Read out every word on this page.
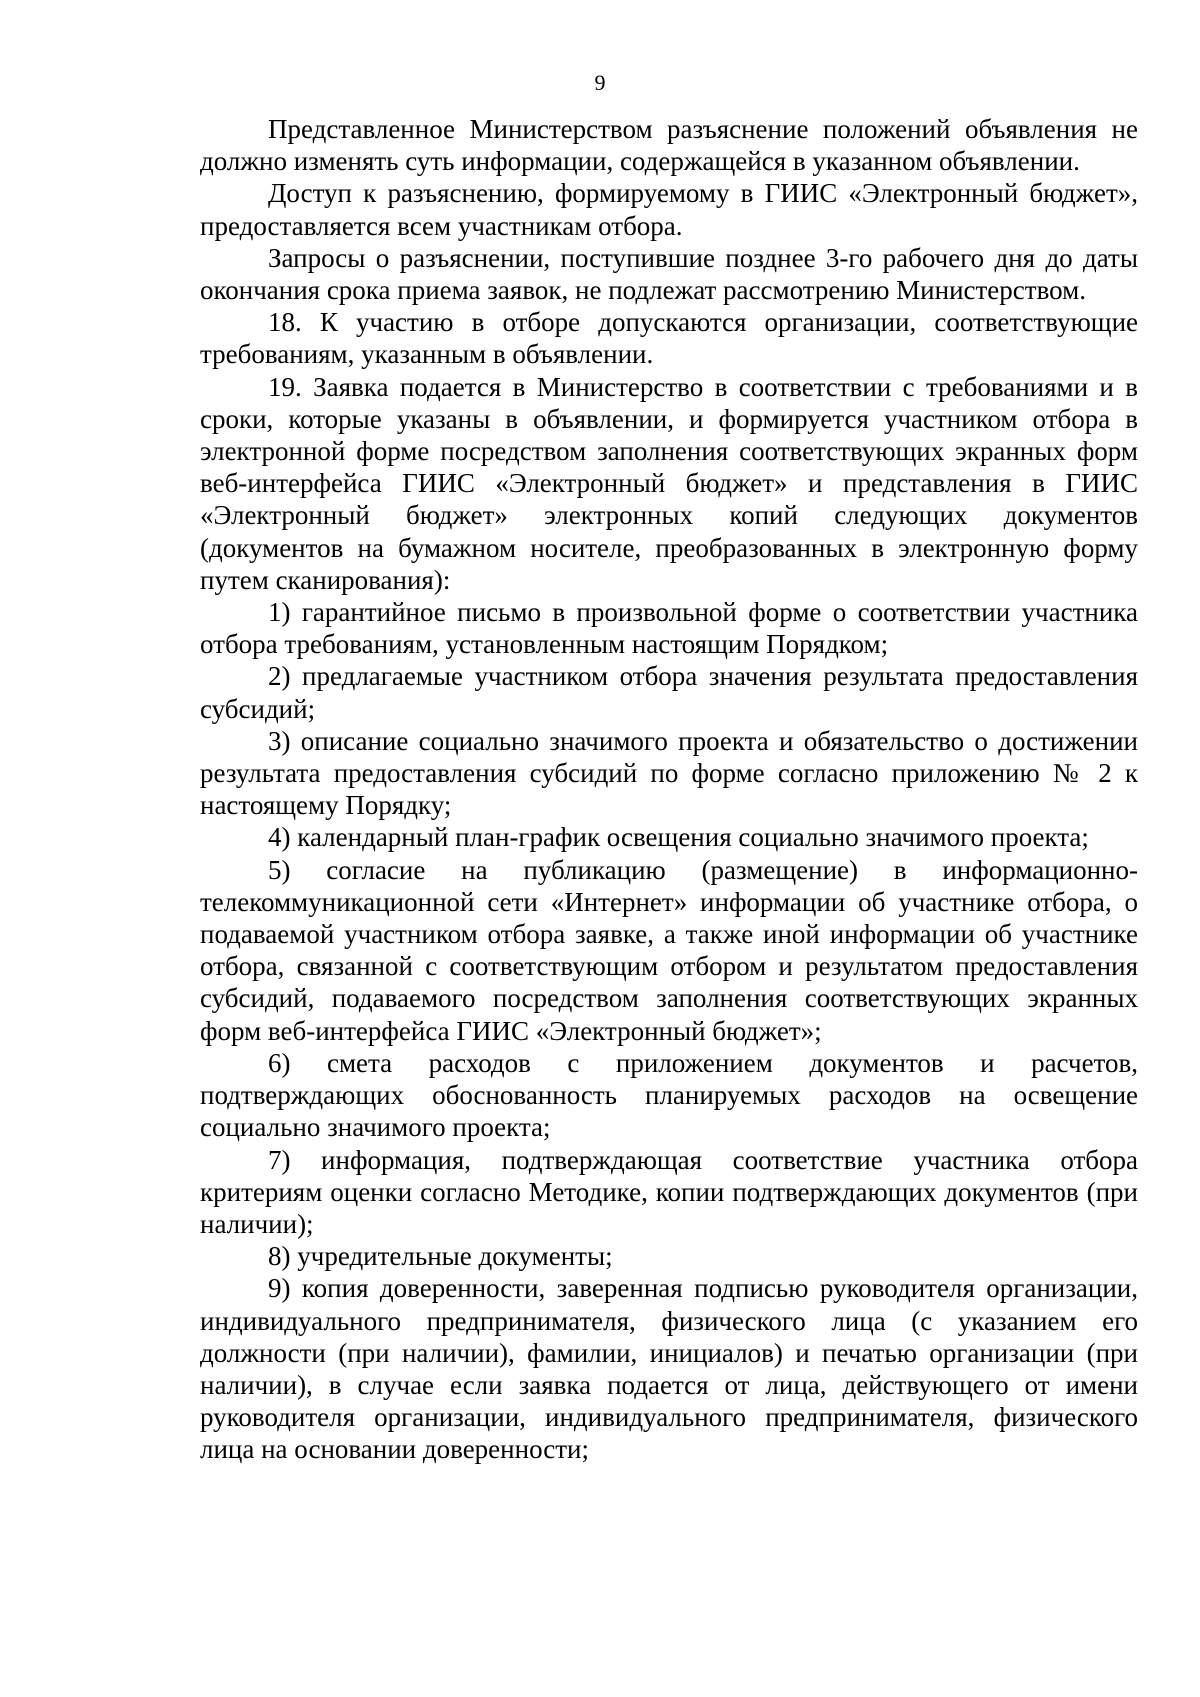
9

Представленное Министерством разъяснение положений объявления не должно изменять суть информации, содержащейся в указанном объявлении.

Доступ к разъяснению, формируемому в ГИИС «Электронный бюджет», предоставляется всем участникам отбора.

Запросы о разъяснении, поступившие позднее 3-го рабочего дня до даты окончания срока приема заявок, не подлежат рассмотрению Министерством.

18. К участию в отборе допускаются организации, соответствующие требованиям, указанным в объявлении.

19. Заявка подается в Министерство в соответствии с требованиями и в сроки, которые указаны в объявлении, и формируется участником отбора в электронной форме посредством заполнения соответствующих экранных форм веб-интерфейса ГИИС «Электронный бюджет» и представления в ГИИС «Электронный бюджет» электронных копий следующих документов (документов на бумажном носителе, преобразованных в электронную форму путем сканирования):

1) гарантийное письмо в произвольной форме о соответствии участника отбора требованиям, установленным настоящим Порядком;

2) предлагаемые участником отбора значения результата предоставления субсидий;

3) описание социально значимого проекта и обязательство о достижении результата предоставления субсидий по форме согласно приложению № 2 к настоящему Порядку;

4) календарный план-график освещения социально значимого проекта;

5) согласие на публикацию (размещение) в информационно-телекоммуникационной сети «Интернет» информации об участнике отбора, о подаваемой участником отбора заявке, а также иной информации об участнике отбора, связанной с соответствующим отбором и результатом предоставления субсидий, подаваемого посредством заполнения соответствующих экранных форм веб-интерфейса ГИИС «Электронный бюджет»;

6) смета расходов с приложением документов и расчетов, подтверждающих обоснованность планируемых расходов на освещение социально значимого проекта;

7) информация, подтверждающая соответствие участника отбора критериям оценки согласно Методике, копии подтверждающих документов (при наличии);

8) учредительные документы;

9) копия доверенности, заверенная подписью руководителя организации, индивидуального предпринимателя, физического лица (с указанием его должности (при наличии), фамилии, инициалов) и печатью организации (при наличии), в случае если заявка подается от лица, действующего от имени руководителя организации, индивидуального предпринимателя, физического лица на основании доверенности;
